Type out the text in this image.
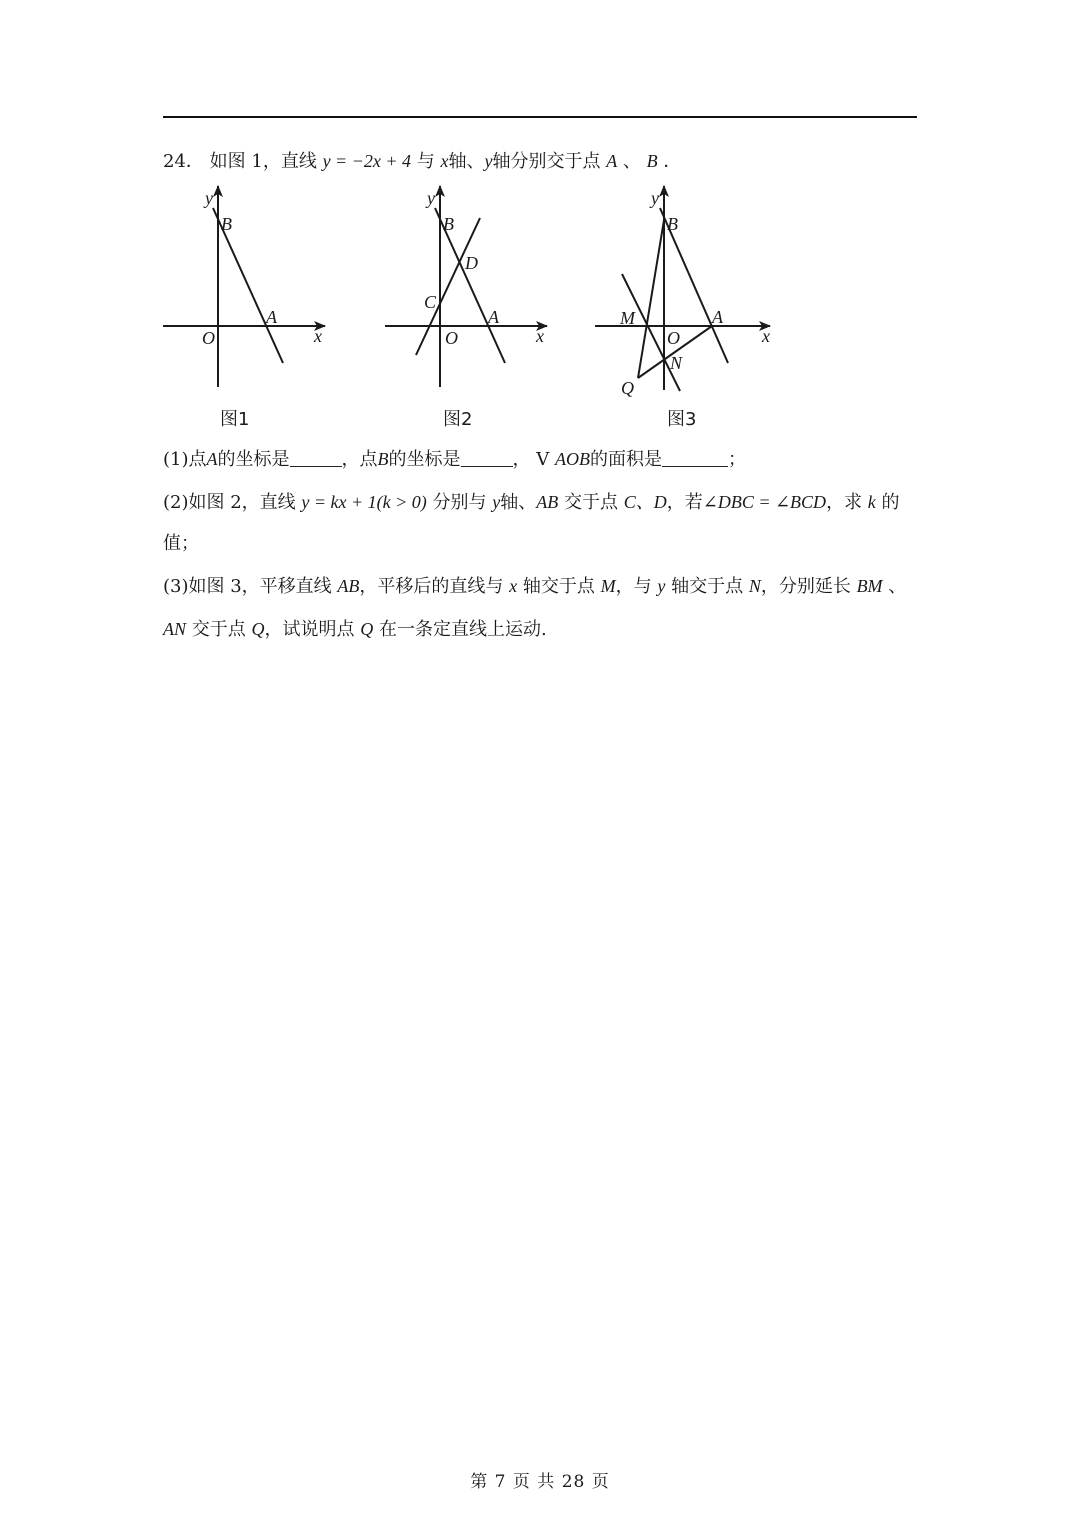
24． 如图 1，直线 y = −2x + 4 与 x轴、y轴分别交于点 A 、 B ．
y
B
A
O	x
图1
y
B
D
C
A
O	x
图2
y
B
M
O
A
N
Q
x
图3
(1)点A的坐标是	，点B的坐标是	， V AOB的面积是	；
(2)如图 2，直线 y = kx + 1(k > 0) 分别与 y轴、AB 交于点 C、D，若∠DBC = ∠BCD，求 k 的
值；
(3)如图 3，平移直线 AB，平移后的直线与 x 轴交于点 M，与 y 轴交于点 N，分别延长 BM 、
AN 交于点 Q，试说明点 Q 在一条定直线上运动.
第 7 页 共 28 页
